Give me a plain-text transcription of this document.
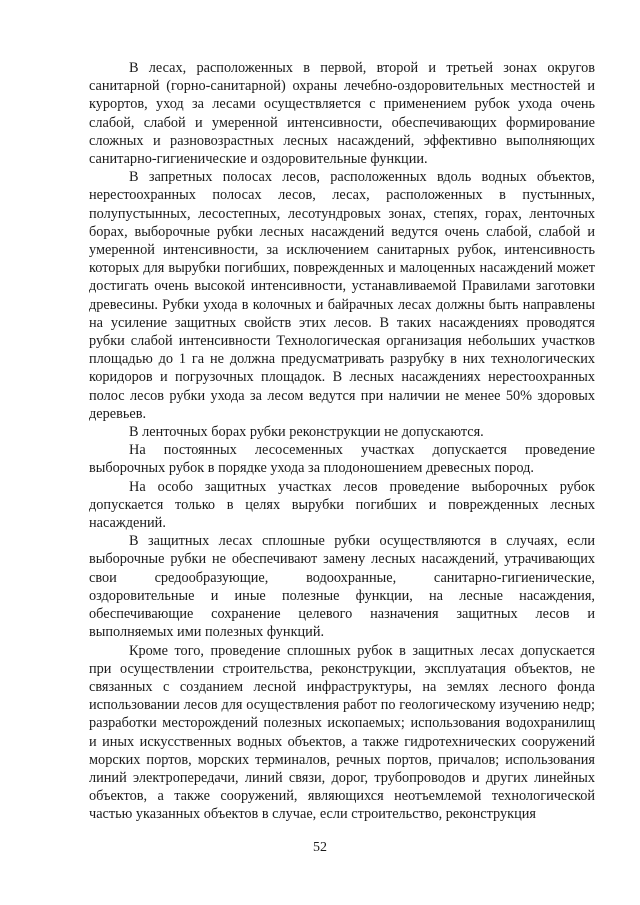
В лесах, расположенных в первой, второй и третьей зонах округов санитарной (горно-санитарной) охраны лечебно-оздоровительных местностей и курортов, уход за лесами осуществляется с применением рубок ухода очень слабой, слабой и умеренной интенсивности, обеспечивающих формирование сложных и разновозрастных лесных насаждений, эффективно выполняющих санитарно-гигиенические и оздоровительные функции.

В запретных полосах лесов, расположенных вдоль водных объектов, нерестоохранных полосах лесов, лесах, расположенных в пустынных, полупустынных, лесостепных, лесотундровых зонах, степях, горах, ленточных борах, выборочные рубки лесных насаждений ведутся очень слабой, слабой и умеренной интенсивности, за исключением санитарных рубок, интенсивность которых для вырубки погибших, поврежденных и малоценных насаждений может достигать очень высокой интенсивности, устанавливаемой Правилами заготовки древесины. Рубки ухода в колочных и байрачных лесах должны быть направлены на усиление защитных свойств этих лесов. В таких насаждениях проводятся рубки слабой интенсивности Технологическая организация небольших участков площадью до 1 га не должна предусматривать разрубку в них технологических коридоров и погрузочных площадок. В лесных насаждениях нерестоохранных полос лесов рубки ухода за лесом ведутся при наличии не менее 50% здоровых деревьев.

В ленточных борах рубки реконструкции не допускаются.

На постоянных лесосеменных участках допускается проведение выборочных рубок в порядке ухода за плодоношением древесных пород.

На особо защитных участках лесов проведение выборочных рубок допускается только в целях вырубки погибших и поврежденных лесных насаждений.

В защитных лесах сплошные рубки осуществляются в случаях, если выборочные рубки не обеспечивают замену лесных насаждений, утрачивающих свои средообразующие, водоохранные, санитарно-гигиенические, оздоровительные и иные полезные функции, на лесные насаждения, обеспечивающие сохранение целевого назначения защитных лесов и выполняемых ими полезных функций.

Кроме того, проведение сплошных рубок в защитных лесах допускается при осуществлении строительства, реконструкции, эксплуатация объектов, не связанных с созданием лесной инфраструктуры, на землях лесного фонда использовании лесов для осуществления работ по геологическому изучению недр; разработки месторождений полезных ископаемых; использования водохранилищ и иных искусственных водных объектов, а также гидротехнических сооружений морских портов, морских терминалов, речных портов, причалов; использования линий электропередачи, линий связи, дорог, трубопроводов и других линейных объектов, а также сооружений, являющихся неотъемлемой технологической частью указанных объектов в случае, если строительство, реконструкция

52
